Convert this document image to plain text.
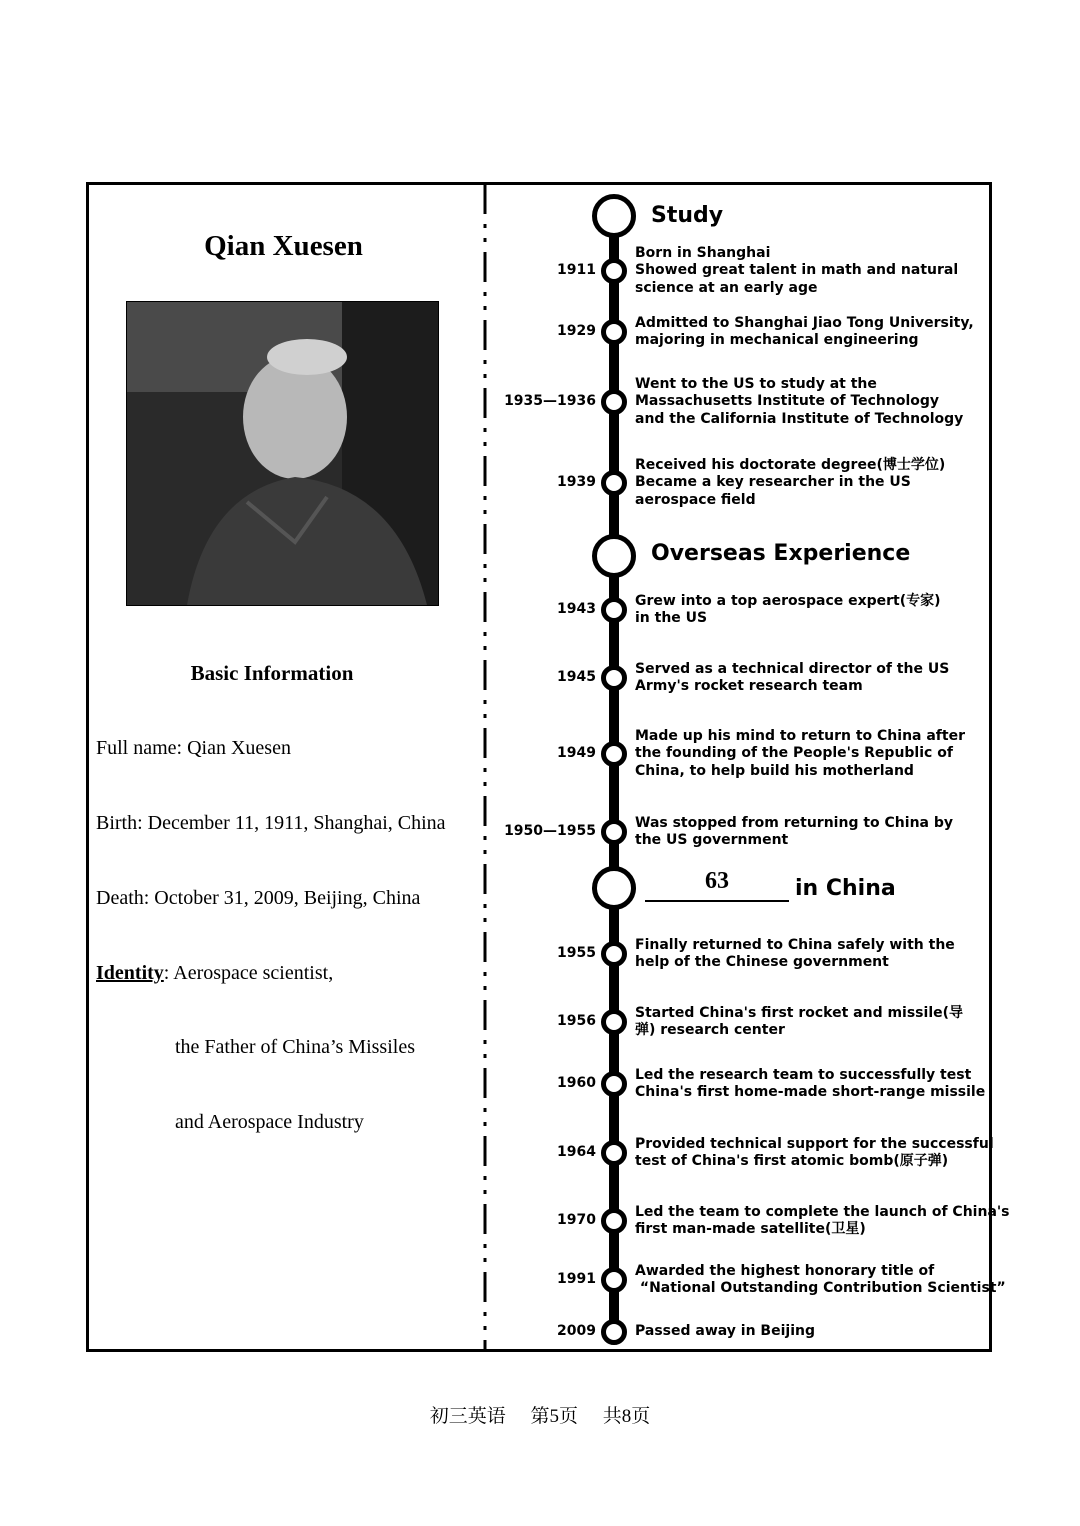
Qian Xuesen
Basic Information
Full name: Qian Xuesen
Birth: December 11, 1911, Shanghai, China
Death: October 31, 2009, Beijing, China
Identity: Aerospace scientist,
the Father of China’s Missiles
and Aerospace Industry
Study
Overseas Experience
63	in China
1911
Born in Shanghai
Showed great talent in math and natural
science at an early age
1929
Admitted to Shanghai Jiao Tong University,
majoring in mechanical engineering
1935—1936
Went to the US to study at the
Massachusetts Institute of Technology
and the California Institute of Technology
1939
Received his doctorate degree(博士学位)
Became a key researcher in the US
aerospace field
1943
Grew into a top aerospace expert(专家)
in the US
1945
Served as a technical director of the US
Army's rocket research team
1949
Made up his mind to return to China after
the founding of the People's Republic of
China, to help build his motherland
1950—1955
Was stopped from returning to China by
the US government
1955
Finally returned to China safely with the
help of the Chinese government
1956
Started China's first rocket and missile(导
弹) research center
1960
Led the research team to successfully test
China's first home-made short-range missile
1964
Provided technical support for the successful
test of China's first atomic bomb(原子弹)
1970
Led the team to complete the launch of China's
first man-made satellite(卫星)
1991
Awarded the highest honorary title of
“National Outstanding Contribution Scientist”
2009	Passed away in Beijing
初三英语 第5页 共8页
